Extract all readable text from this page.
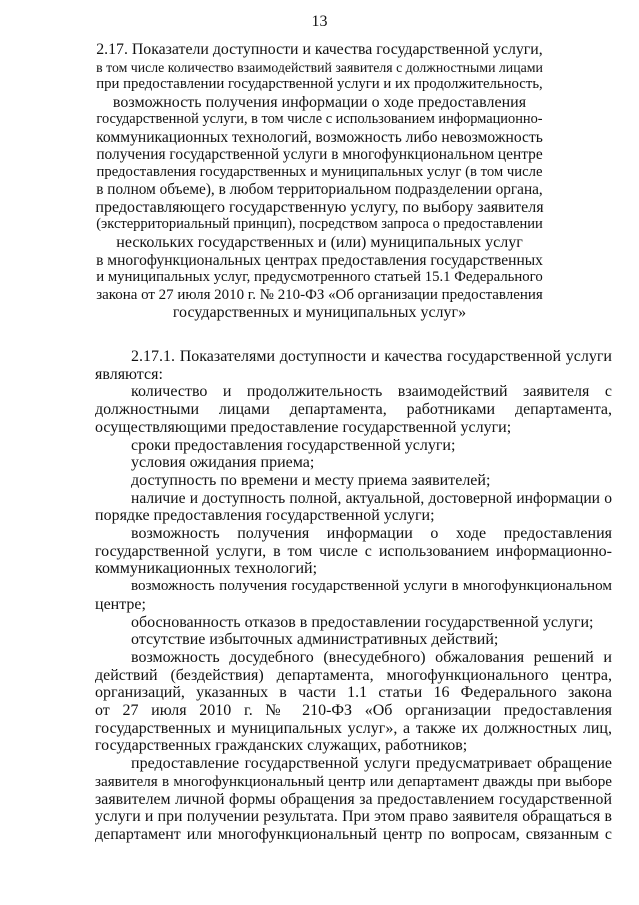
13
2.17. Показатели доступности и качества государственной услуги,
в том числе количество взаимодействий заявителя с должностными лицами
при предоставлении государственной услуги и их продолжительность,
возможность получения информации о ходе предоставления
государственной услуги, в том числе с использованием информационно-
коммуникационных технологий, возможность либо невозможность
получения государственной услуги в многофункциональном центре
предоставления государственных и муниципальных услуг (в том числе
в полном объеме), в любом территориальном подразделении органа,
предоставляющего государственную услугу, по выбору заявителя
(экстерриториальный принцип), посредством запроса о предоставлении
нескольких государственных и (или) муниципальных услуг
в многофункциональных центрах предоставления государственных
и муниципальных услуг, предусмотренного статьей 15.1 Федерального
закона от 27 июля 2010 г. № 210-ФЗ «Об организации предоставления
государственных и муниципальных услуг»
2.17.1. Показателями доступности и качества государственной услуги
являются:
количество и продолжительность взаимодействий заявителя с
должностными лицами департамента, работниками департамента,
осуществляющими предоставление государственной услуги;
сроки предоставления государственной услуги;
условия ожидания приема;
доступность по времени и месту приема заявителей;
наличие и доступность полной, актуальной, достоверной информации о
порядке предоставления государственной услуги;
возможность получения информации о ходе предоставления
государственной услуги, в том числе с использованием информационно-
коммуникационных технологий;
возможность получения государственной услуги в многофункциональном
центре;
обоснованность отказов в предоставлении государственной услуги;
отсутствие избыточных административных действий;
возможность досудебного (внесудебного) обжалования решений и
действий (бездействия) департамента, многофункционального центра,
организаций, указанных в части 1.1 статьи 16 Федерального закона
от 27 июля 2010 г. № 210-ФЗ «Об организации предоставления
государственных и муниципальных услуг», а также их должностных лиц,
государственных гражданских служащих, работников;
предоставление государственной услуги предусматривает обращение
заявителя в многофункциональный центр или департамент дважды при выборе
заявителем личной формы обращения за предоставлением государственной
услуги и при получении результата. При этом право заявителя обращаться в
департамент или многофункциональный центр по вопросам, связанным с
